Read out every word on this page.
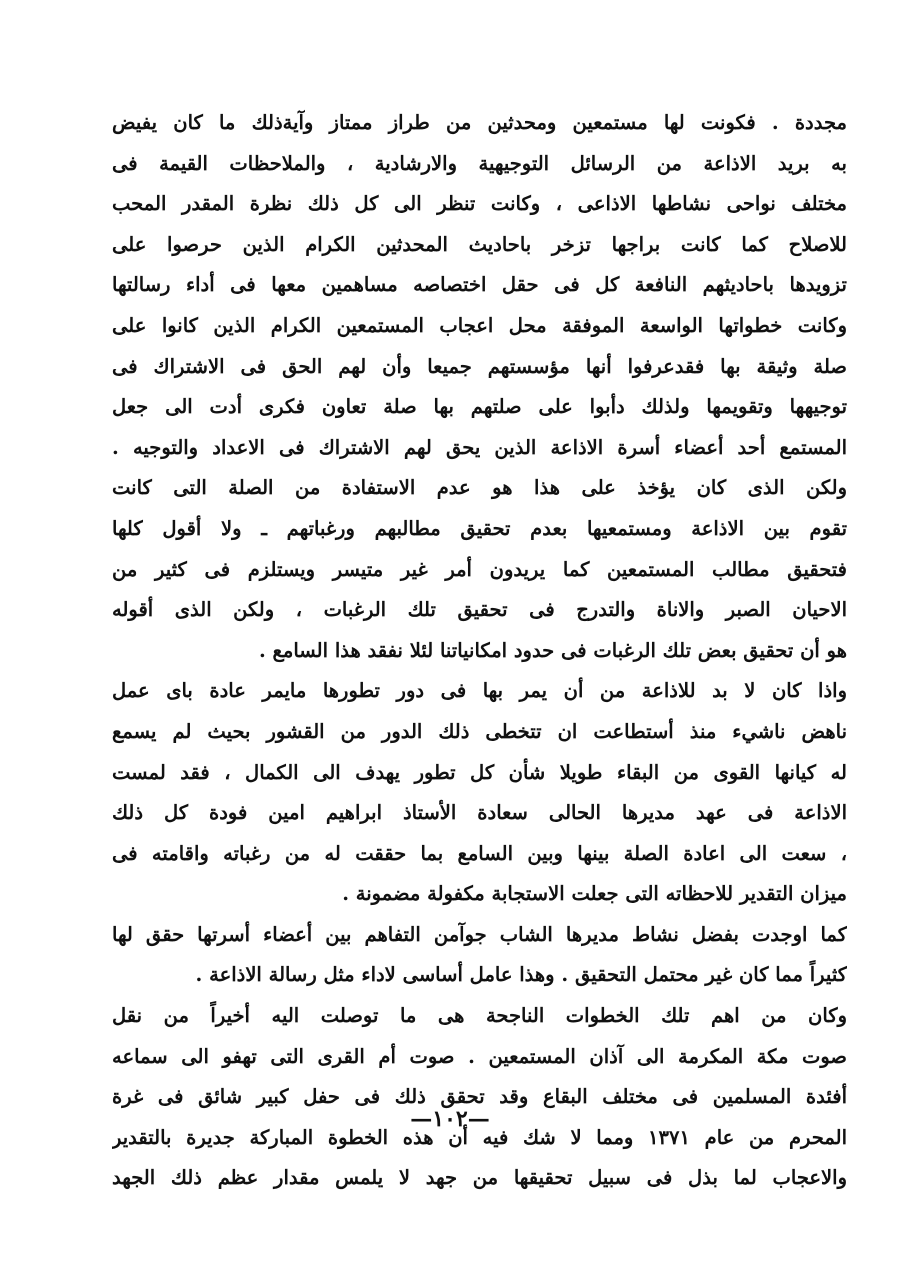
مجددة . فكونت لها مستمعين ومحدثين من طراز ممتاز وآيةذلك ما كان يفيض
به بريد الاذاعة من الرسائل التوجيهية والارشادية ، والملاحظات القيمة فى
مختلف نواحى نشاطها الاذاعى ، وكانت تنظر الى كل ذلك نظرة المقدر المحب
للاصلاح كما كانت براجها تزخر باحاديث المحدثين الكرام الذين حرصوا على
تزويدها باحاديثهم النافعة كل فى حقل اختصاصه مساهمين معها فى أداء رسالتها
وكانت خطواتها الواسعة الموفقة محل اعجاب المستمعين الكرام الذين كانوا على
صلة وثيقة بها فقدعرفوا أنها مؤسستهم جميعا وأن لهم الحق فى الاشتراك فى
توجيهها وتقويمها ولذلك دأبوا على صلتهم بها صلة تعاون فكرى أدت الى جعل
المستمع أحد أعضاء أسرة الاذاعة الذين يحق لهم الاشتراك فى الاعداد والتوجيه .
ولكن الذى كان يؤخذ على هذا هو عدم الاستفادة من الصلة التى كانت
تقوم بين الاذاعة ومستمعيها بعدم تحقيق مطالبهم ورغباتهم ـ ولا أقول كلها
فتحقيق مطالب المستمعين كما يريدون أمر غير متيسر ويستلزم فى كثير من
الاحيان الصبر والاناة والتدرج فى تحقيق تلك الرغبات ، ولكن الذى أقوله
هو أن تحقيق بعض تلك الرغبات فى حدود امكانياتنا لئلا نفقد هذا السامع .
واذا كان لا بد للاذاعة من أن يمر بها فى دور تطورها مايمر عادة باى عمل
ناهض ناشيء منذ أستطاعت ان تتخطى ذلك الدور من القشور بحيث لم يسمع
له كيانها القوى من البقاء طويلا شأن كل تطور يهدف الى الكمال ، فقد لمست
الاذاعة فى عهد مديرها الحالى سعادة الأستاذ ابراهيم امين فودة كل ذلك
، سعت الى اعادة الصلة بينها وبين السامع بما حققت له من رغباته واقامته فى
ميزان التقدير للاحظاته التى جعلت الاستجابة مكفولة مضمونة .
كما اوجدت بفضل نشاط مديرها الشاب جوآمن التفاهم بين أعضاء أسرتها حقق لها
كثيراً مما كان غير محتمل التحقيق . وهذا عامل أساسى لاداء مثل رسالة الاذاعة .
وكان من اهم تلك الخطوات الناجحة هى ما توصلت اليه أخيراً من نقل
صوت مكة المكرمة الى آذان المستمعين . صوت أم القرى التى تهفو الى سماعه
أفئدة المسلمين فى مختلف البقاع وقد تحقق ذلك فى حفل كبير شائق فى غرة
المحرم من عام ١٣٧١ ومما لا شك فيه أن هذه الخطوة المباركة جديرة بالتقدير
والاعجاب لما بذل فى سبيل تحقيقها من جهد لا يلمس مقدار عظم ذلك الجهد
—١٠٢—
